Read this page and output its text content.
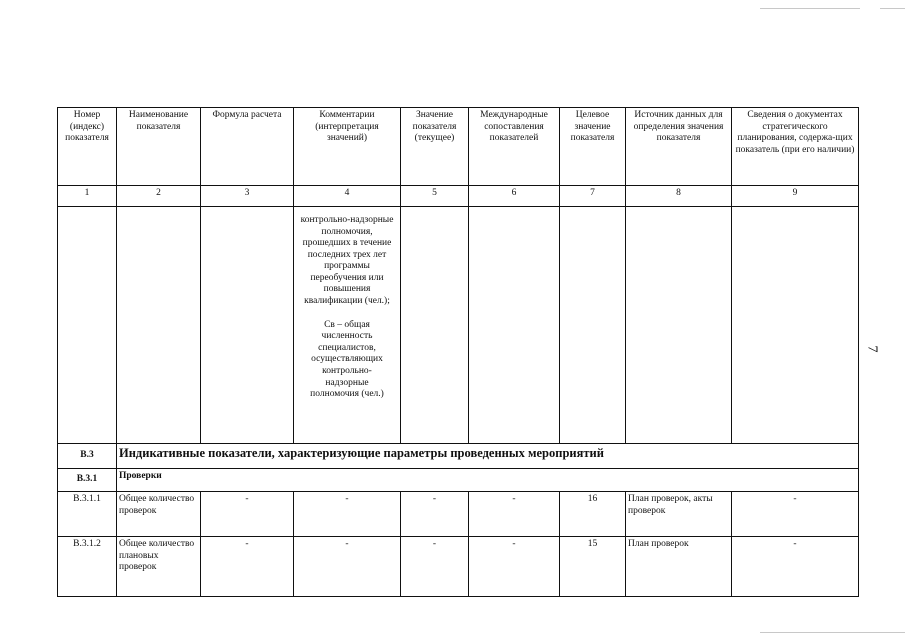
7
Номер (индекс) показателя	Наименование показателя	Формула расчета	Комментарии (интерпретация значений)	Значение показателя (текущее)	Международные сопоставления показателей	Целевое значение показателя	Источник данных для определения значения показателя	Сведения о документах стратегического планирования, содержа-щих показатель (при его наличии)
1	2	3	4	5	6	7	8	9

			контрольно-надзорные полномочия, прошедших в течение последних трех лет программы переобучения или повышения квалификации (чел.);
Св – общая численность специалистов, осуществляющих контрольно-надзорные полномочия (чел.)					

В.3	Индикативные показатели, характеризующие параметры проведенных мероприятий							
В.3.1	Проверки							
В.3.1.1	Общее количество проверок	-	-	-	-	16	План проверок, акты проверок	-
В.3.1.2	Общее количество плановых проверок	-	-	-	-	15	План проверок	-
